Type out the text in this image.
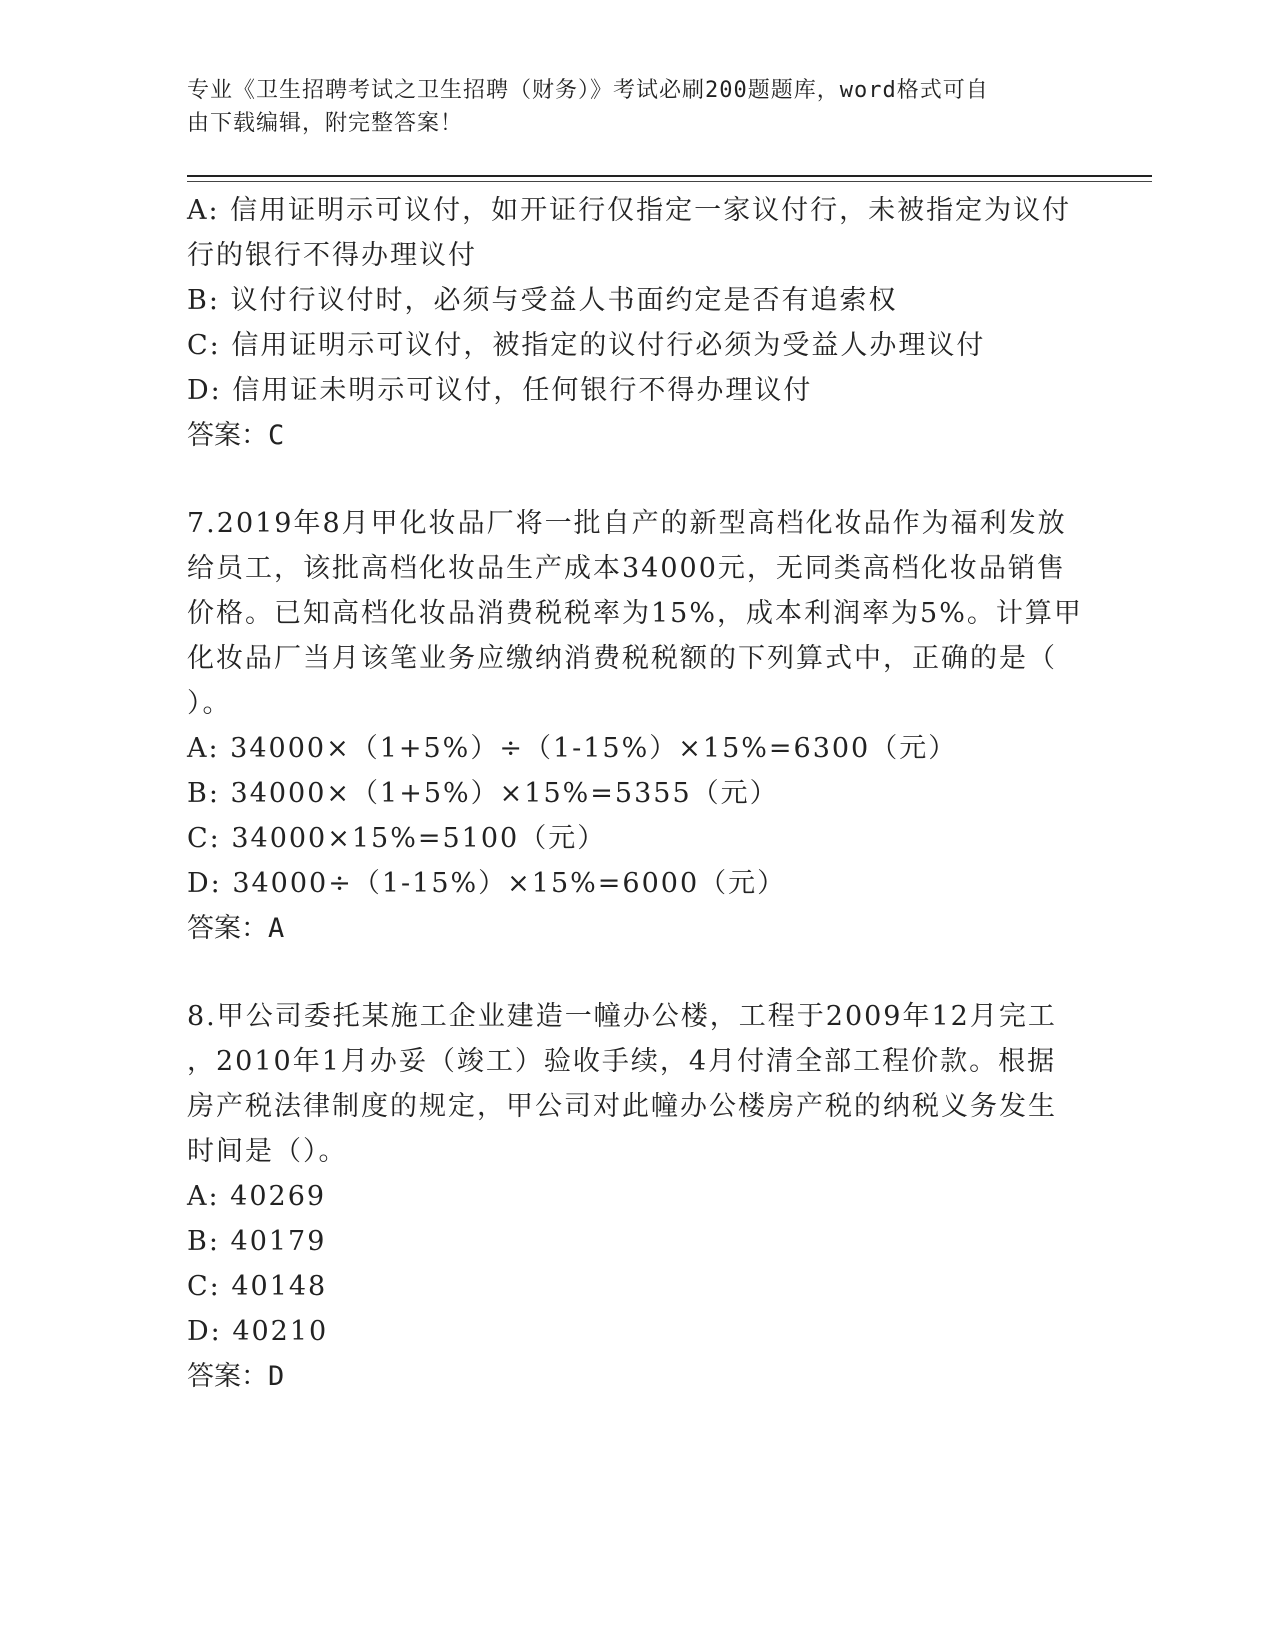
专业《卫生招聘考试之卫生招聘（财务）》考试必刷200题题库，word格式可自
由下载编辑，附完整答案！
A: 信用证明示可议付，如开证行仅指定一家议付行，未被指定为议付
行的银行不得办理议付
B: 议付行议付时，必须与受益人书面约定是否有追索权
C: 信用证明示可议付，被指定的议付行必须为受益人办理议付
D: 信用证未明示可议付，任何银行不得办理议付
答案：C
7.2019年8月甲化妆品厂将一批自产的新型高档化妆品作为福利发放
给员工，该批高档化妆品生产成本34000元，无同类高档化妆品销售
价格。已知高档化妆品消费税税率为15%，成本利润率为5%。计算甲
化妆品厂当月该笔业务应缴纳消费税税额的下列算式中，正确的是（
）。
A: 34000×（1+5%）÷（1-15%）×15%=6300（元）
B: 34000×（1+5%）×15%=5355（元）
C: 34000×15%=5100（元）
D: 34000÷（1-15%）×15%=6000（元）
答案：A
8.甲公司委托某施工企业建造一幢办公楼，工程于2009年12月完工
，2010年1月办妥（竣工）验收手续，4月付清全部工程价款。根据
房产税法律制度的规定，甲公司对此幢办公楼房产税的纳税义务发生
时间是（）。
A: 40269
B: 40179
C: 40148
D: 40210
答案：D
